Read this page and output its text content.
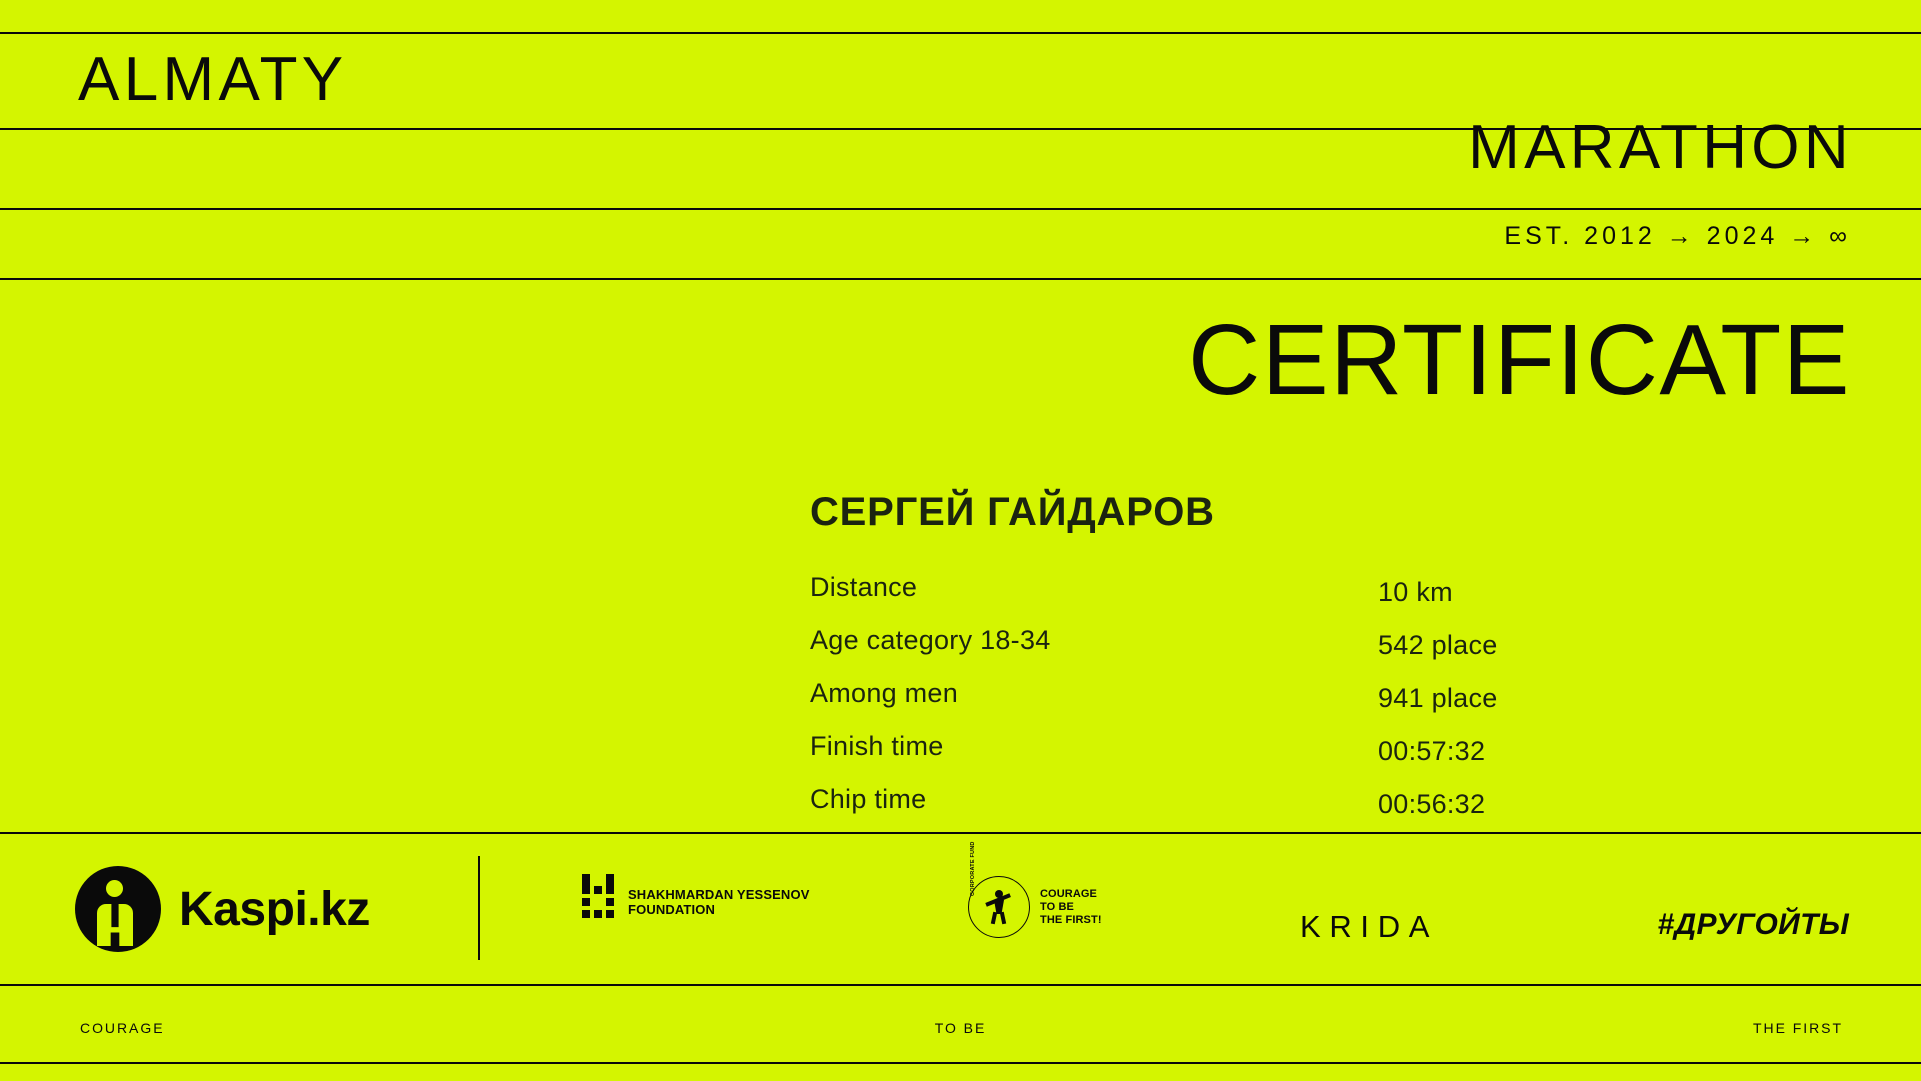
ALMATY
MARATHON
EST. 2012 → 2024 → ∞
CERTIFICATE
СЕРГЕЙ ГАЙДАРОВ
Distance	10 km
Age category 18-34	542 place
Among men	941 place
Finish time	00:57:32
Chip time	00:56:32
Kaspi.kz	SHAKHMARDAN YESSENOV
FOUNDATION
CORPORATE FUND	COURAGE
TO BE
THE FIRST!	KRIDA	#ДРУГОЙТЫ
COURAGE	TO BE	THE FIRST
